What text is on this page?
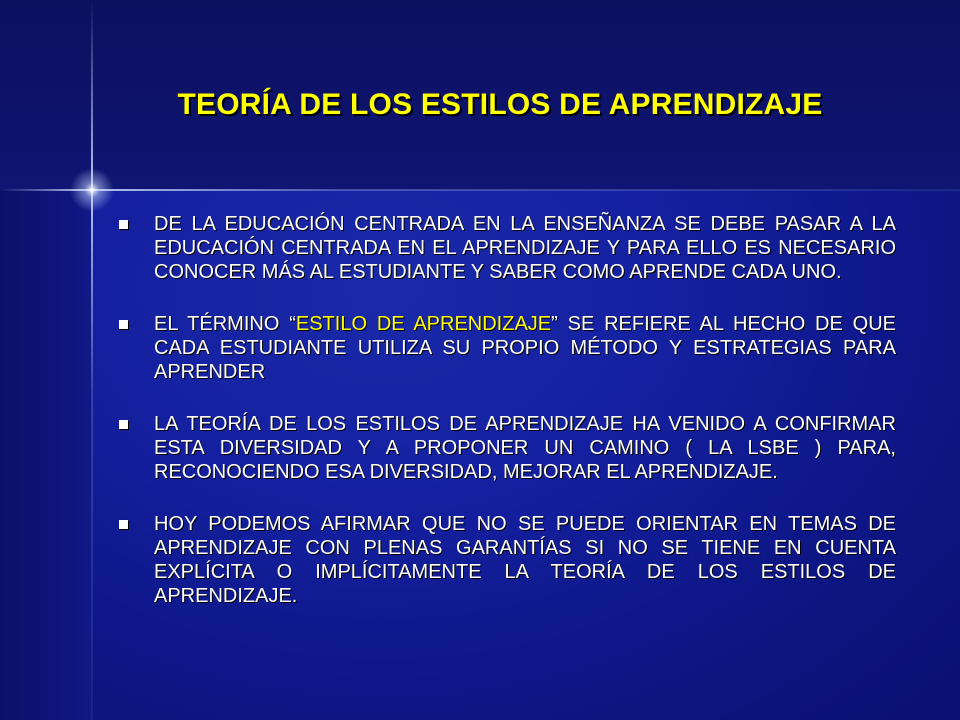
TEORÍA DE LOS ESTILOS DE APRENDIZAJE
DE LA EDUCACIÓN CENTRADA EN LA ENSEÑANZA SE DEBE PASAR A LA EDUCACIÓN CENTRADA EN EL APRENDIZAJE Y PARA ELLO ES NECESARIO CONOCER MÁS AL ESTUDIANTE Y SABER COMO APRENDE CADA UNO.
EL TÉRMINO “ESTILO DE APRENDIZAJE” SE REFIERE AL HECHO DE QUE CADA ESTUDIANTE UTILIZA SU PROPIO MÉTODO Y ESTRATEGIAS PARA APRENDER
LA TEORÍA DE LOS ESTILOS DE APRENDIZAJE HA VENIDO A CONFIRMAR ESTA DIVERSIDAD Y A PROPONER UN CAMINO ( LA LSBE ) PARA, RECONOCIENDO ESA DIVERSIDAD, MEJORAR EL APRENDIZAJE.
HOY PODEMOS AFIRMAR QUE NO SE PUEDE ORIENTAR EN TEMAS DE APRENDIZAJE CON PLENAS GARANTÍAS SI NO SE TIENE EN CUENTA EXPLÍCITA O IMPLÍCITAMENTE LA TEORÍA DE LOS ESTILOS DE APRENDIZAJE.
